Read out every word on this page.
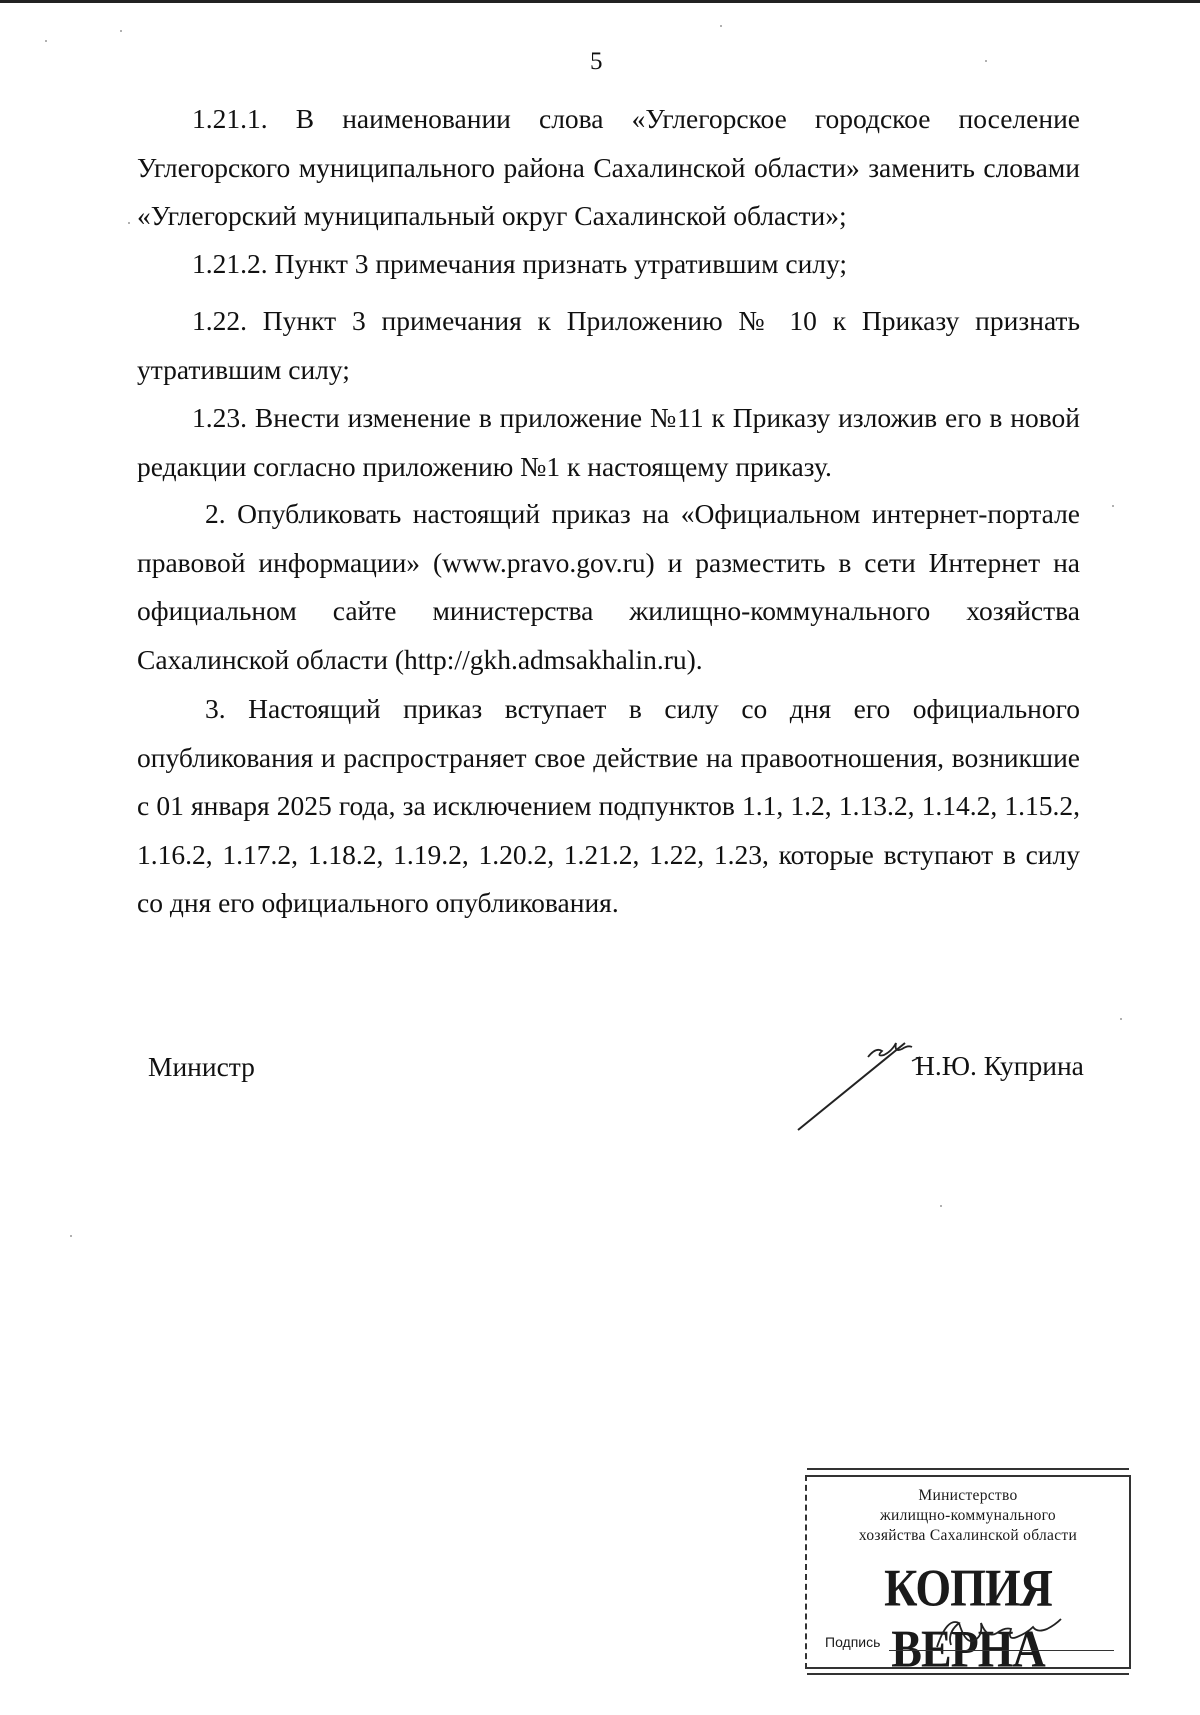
5

1.21.1. В наименовании слова «Углегорское городское поселение Углегорского муниципального района Сахалинской области» заменить словами «Углегорский муниципальный округ Сахалинской области»;

1.21.2. Пункт 3 примечания признать утратившим силу;

1.22. Пункт 3 примечания к Приложению № 10 к Приказу признать утратившим силу;

1.23. Внести изменение в приложение №11 к Приказу изложив его в новой редакции согласно приложению №1 к настоящему приказу.

2. Опубликовать настоящий приказ на «Официальном интернет-портале правовой информации» (www.pravo.gov.ru) и разместить в сети Интернет на официальном сайте министерства жилищно-коммунального хозяйства Сахалинской области (http://gkh.admsakhalin.ru).

3. Настоящий приказ вступает в силу со дня его официального опубликования и распространяет свое действие на правоотношения, возникшие с 01 января 2025 года, за исключением подпунктов 1.1, 1.2, 1.13.2, 1.14.2, 1.15.2, 1.16.2, 1.17.2, 1.18.2, 1.19.2, 1.20.2, 1.21.2, 1.22, 1.23, которые вступают в силу со дня его официального опубликования.

Министр	Н.Ю. Куприна
Министерство
жилищно-коммунального
хозяйства Сахалинской области
КОПИЯ ВЕРНА
Подпись
